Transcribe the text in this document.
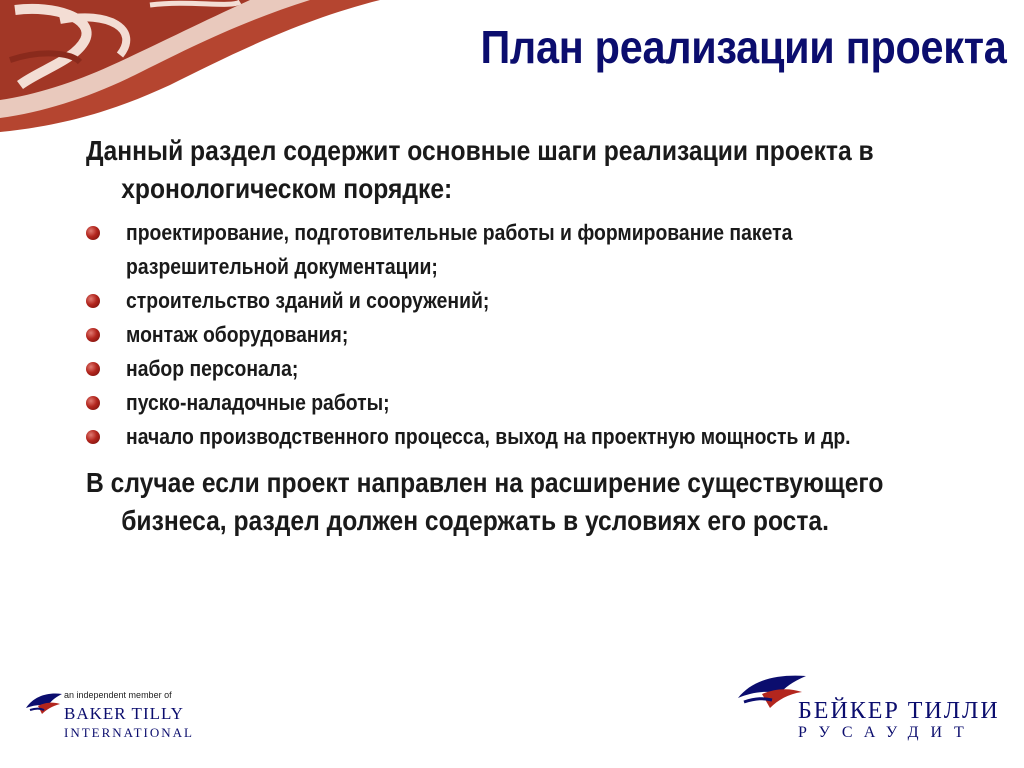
План реализации проекта
Данный раздел содержит основные шаги реализации проекта в хронологическом порядке:
проектирование, подготовительные работы и формирование пакета разрешительной документации;
строительство зданий и сооружений;
монтаж оборудования;
набор персонала;
пуско-наладочные работы;
начало производственного процесса, выход на проектную мощность и др.
В случае если проект направлен на расширение существующего бизнеса, раздел должен содержать в условиях его роста.
an independent member of
BAKER TILLY
INTERNATIONAL
БЕЙКЕР ТИЛЛИ
РУСАУДИТ
